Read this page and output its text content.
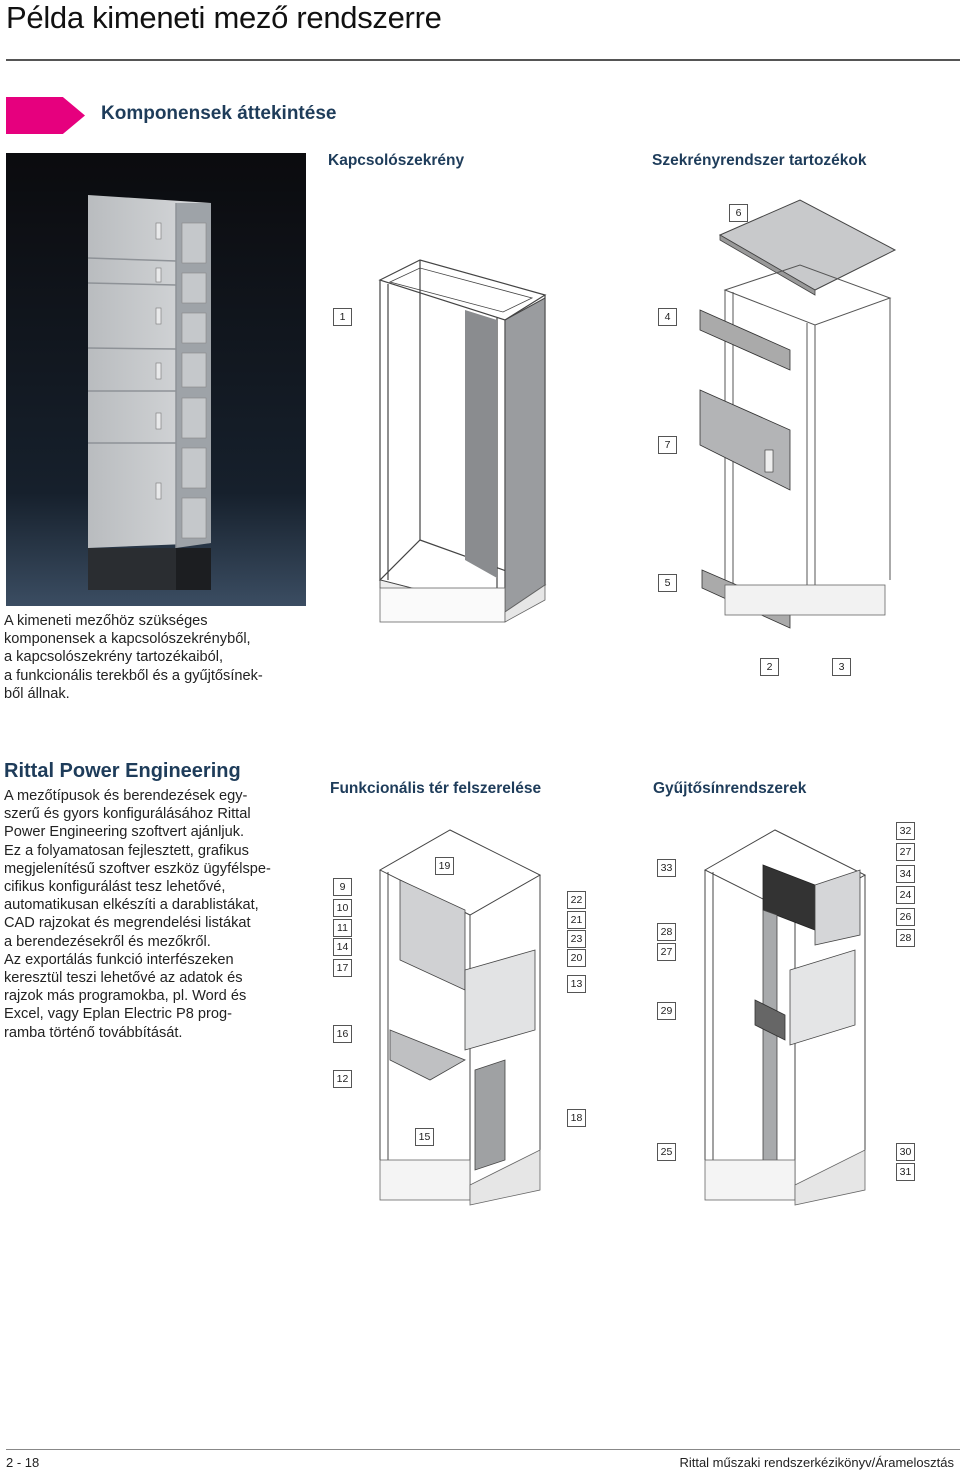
Példa kimeneti mező rendszerre
Komponensek áttekintése
Kapcsolószekrény	Szekrényrendszer tartozékok
Funkcionális tér felszerelése	Gyűjtősínrendszerek
A kimeneti mezőhöz szükséges
komponensek a kapcsolószekrényből,
a kapcsolószekrény tartozékaiból,
a funkcionális terekből és a gyűjtősínek-
ből állnak.
Rittal Power Engineering
A mezőtípusok és berendezések egy-
szerű és gyors konfigurálásához Rittal
Power Engineering szoftvert ajánljuk.
Ez a folyamatosan fejlesztett, grafikus
megjelenítésű szoftver eszköz ügyfélspe-
cifikus konfigurálást tesz lehetővé,
automatikusan elkészíti a darablistákat,
CAD rajzokat és megrendelési listákat
a berendezésekről és mezőkről.
Az exportálás funkció interfészeken
keresztül teszi lehetővé az adatok és
rajzok más programokba, pl. Word és
Excel, vagy Eplan Electric P8 prog-
ramba történő továbbítását.
1
6
4
7
5
2	3
9
10
11
14
17
16
12
15
19
22
21
23
20
13
18
33
28
27
29
25
32
27
34
24
26
28
30
31
2 - 18	Rittal műszaki rendszerkézikönyv/Áramelosztás
